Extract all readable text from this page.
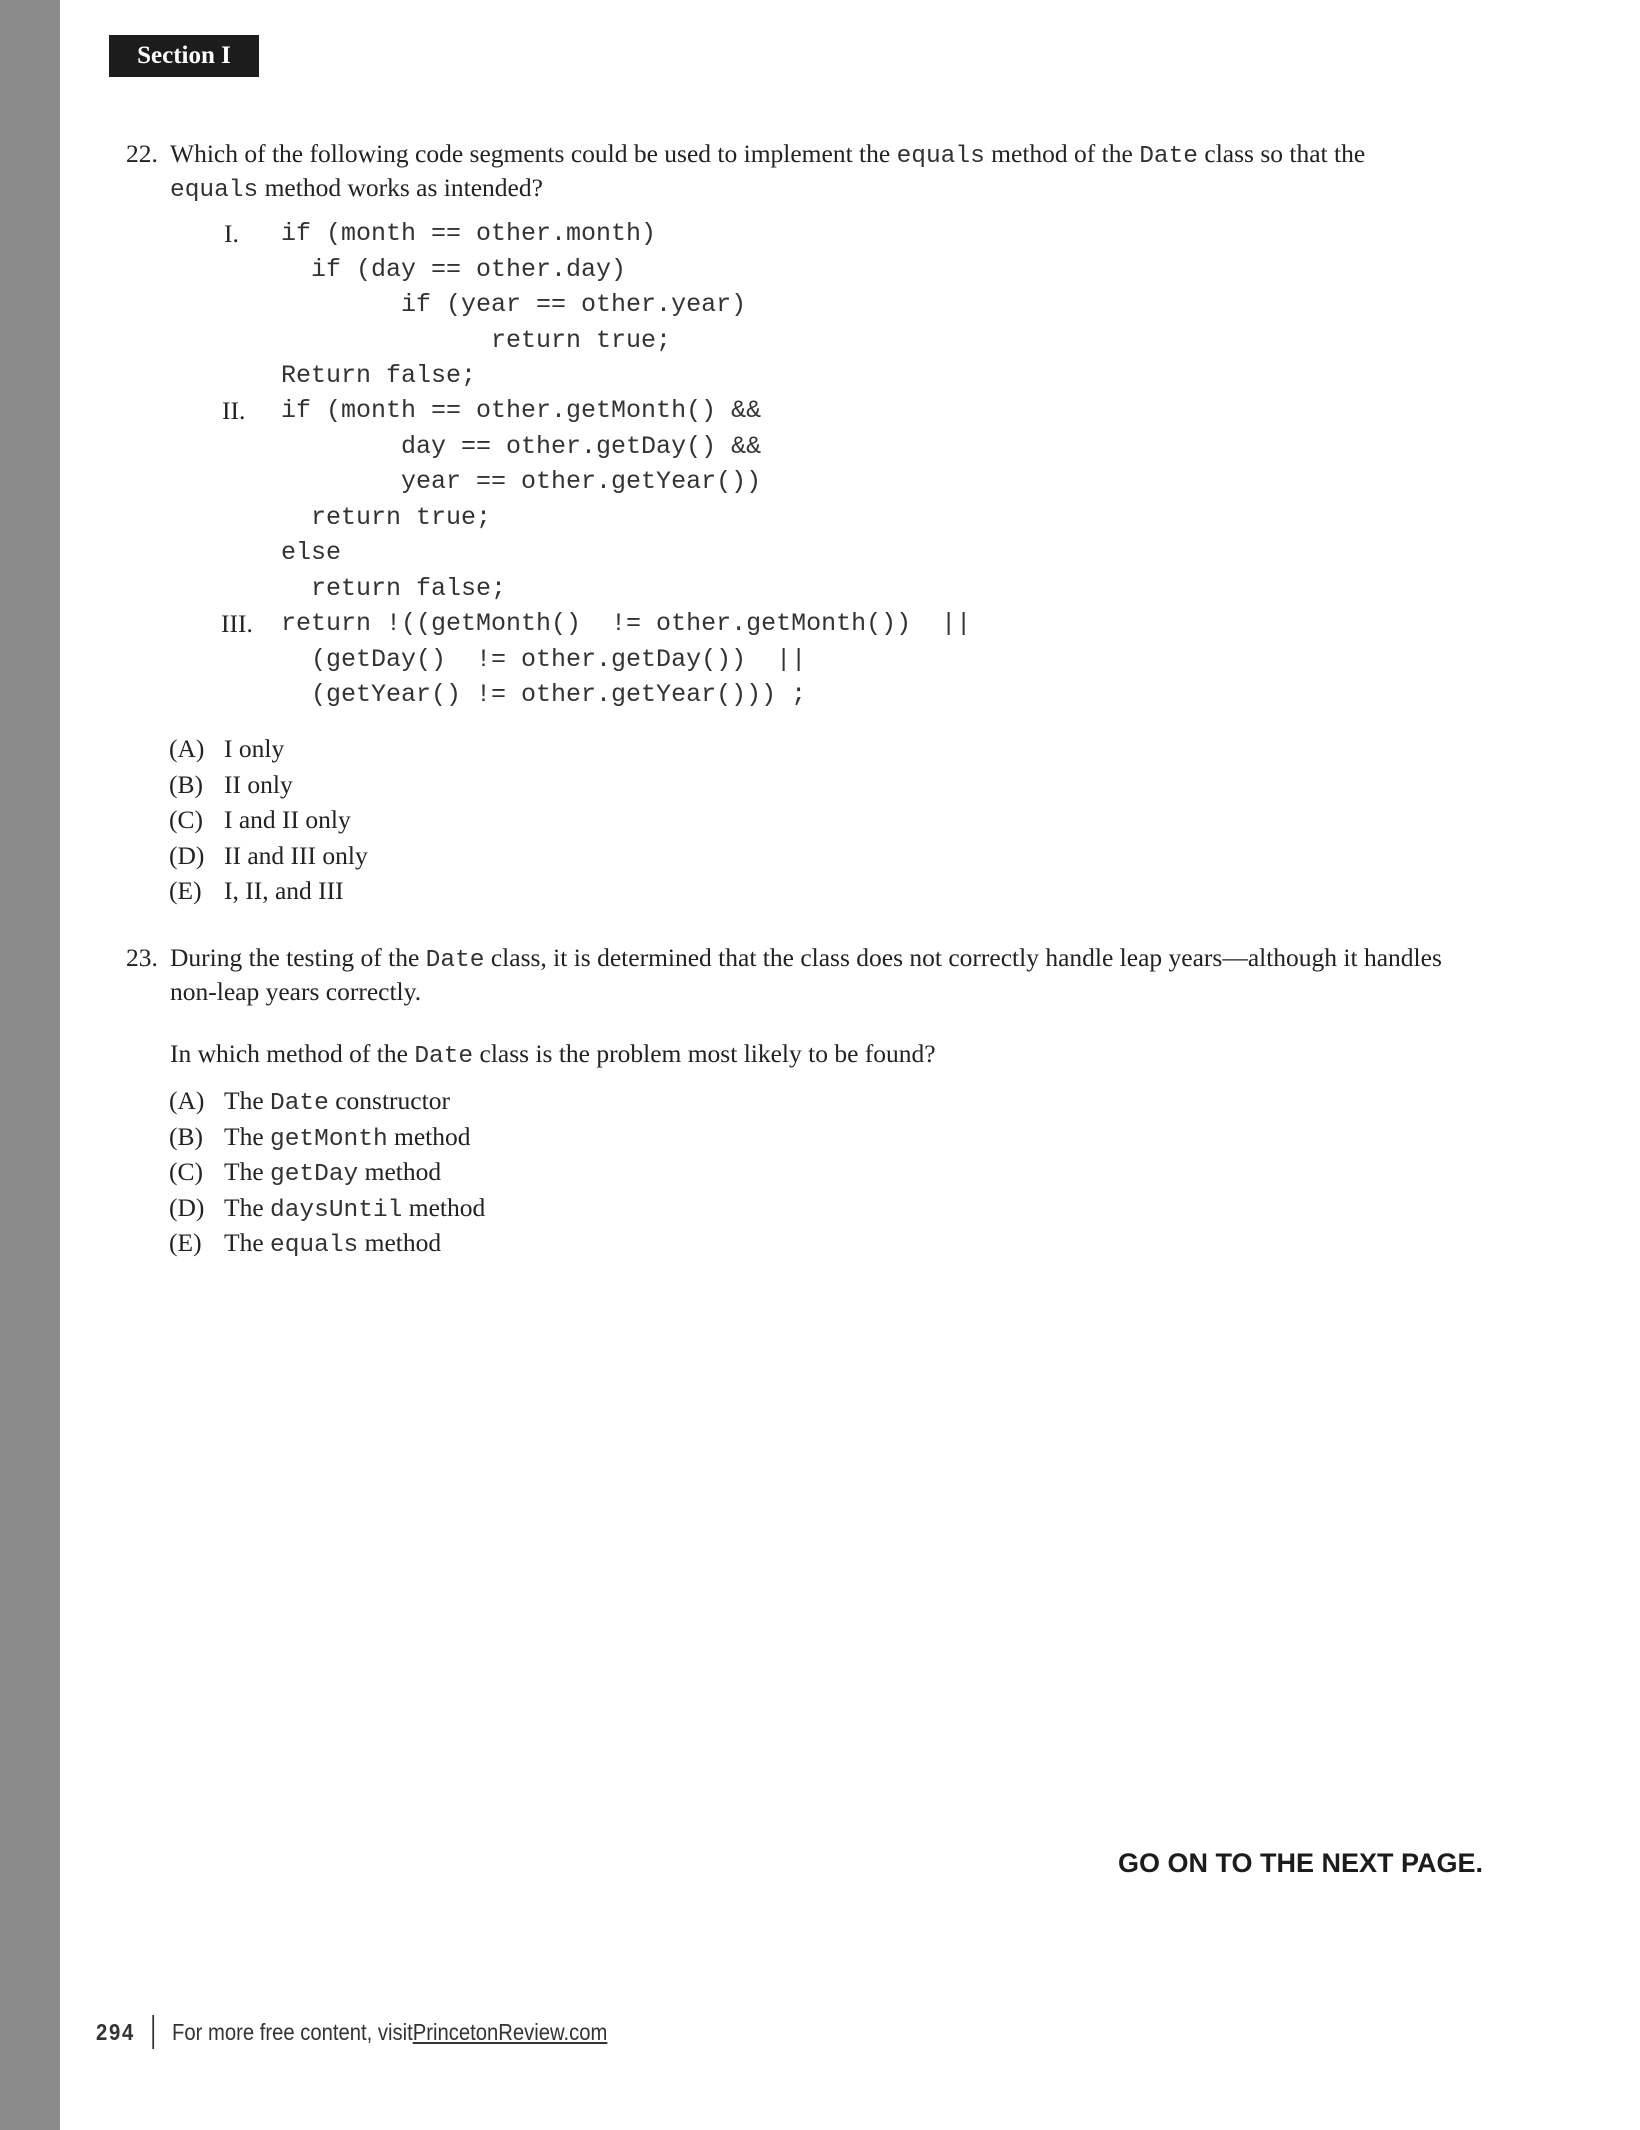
Section I
22. Which of the following code segments could be used to implement the equals method of the Date class so that the
equals method works as intended?

I. if (month == other.month)
if (day == other.day)
if (year == other.year)
return true;
Return false;
II. if (month == other.getMonth() &&
day == other.getDay() &&
year == other.getYear())
return true;
else
return false;
III. return !((getMonth()  != other.getMonth())  ||
(getDay()  != other.getDay())  ||
(getYear() != other.getYear())) ;
(A) I only
(B) II only
(C) I and II only
(D) II and III only
(E) I, II, and III
23. During the testing of the Date class, it is determined that the class does not correctly handle leap years—although it handles non-leap years correctly.

In which method of the Date class is the problem most likely to be found?

(A) The Date constructor
(B) The getMonth method
(C) The getDay method
(D) The daysUntil method
(E) The equals method
GO ON TO THE NEXT PAGE.
294 For more free content, visit PrincetonReview.com
